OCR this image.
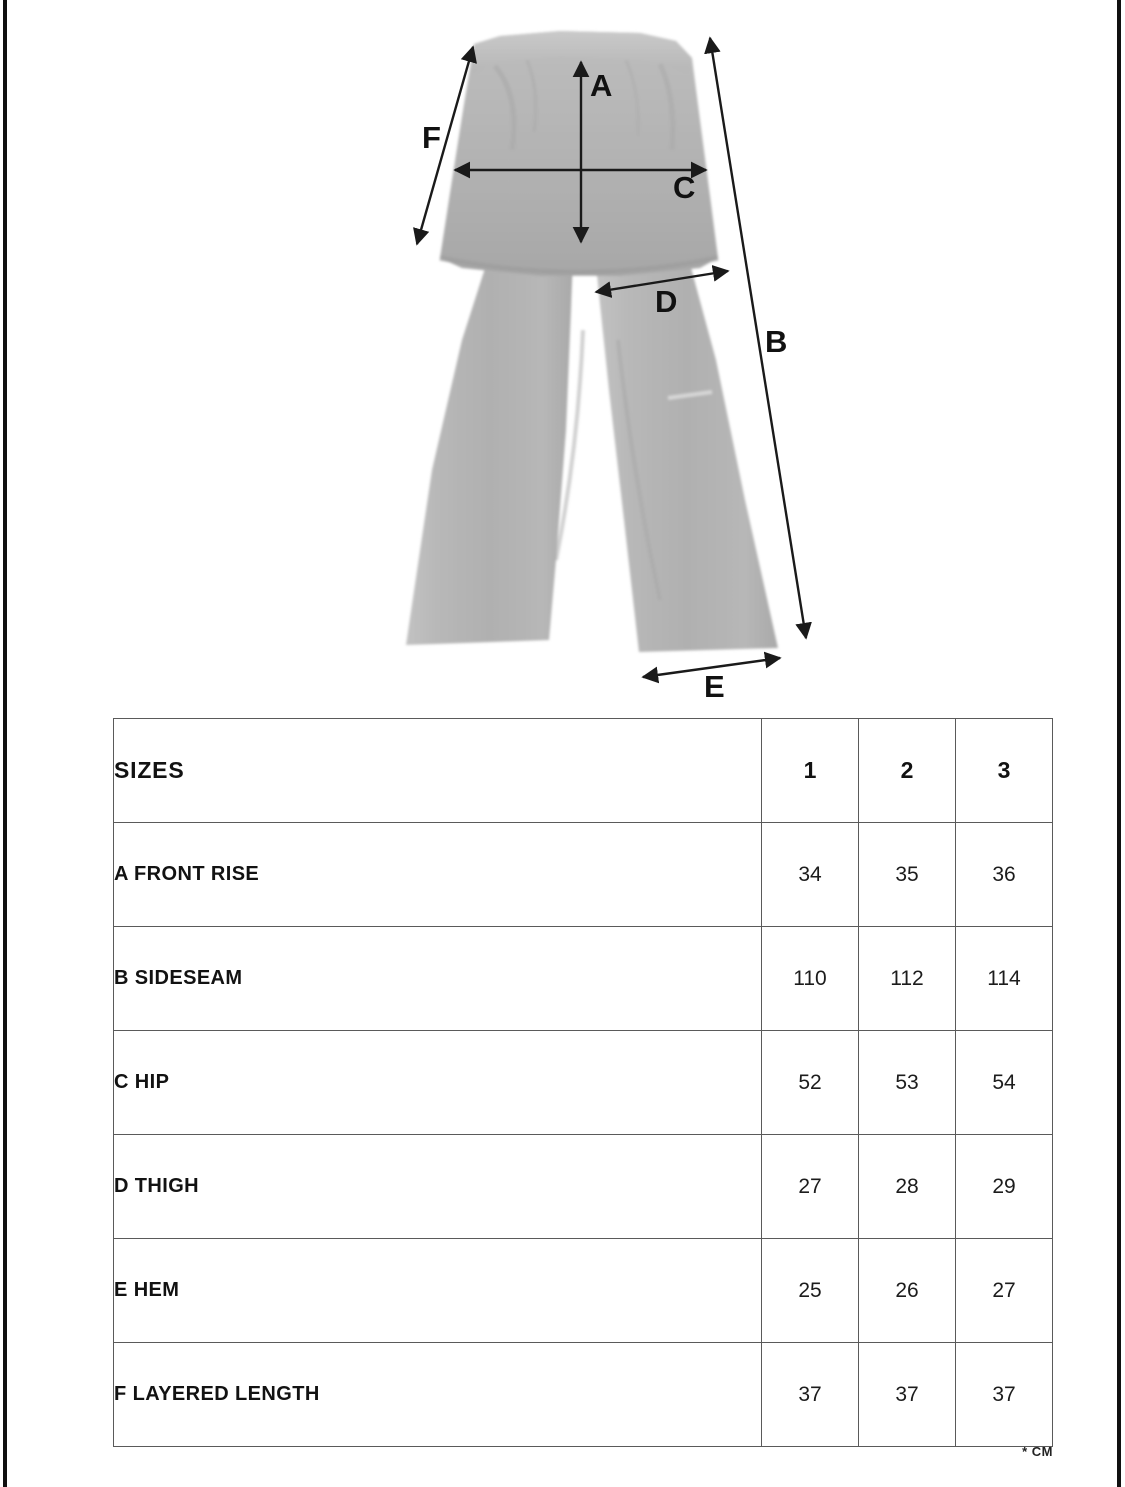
A
C
F
B
D
E
SIZES	1	2	3
A FRONT RISE	34	35	36
B SIDESEAM	110	112	114
C HIP	52	53	54
D THIGH	27	28	29
E HEM	25	26	27
F LAYERED LENGTH	37	37	37
* CM
